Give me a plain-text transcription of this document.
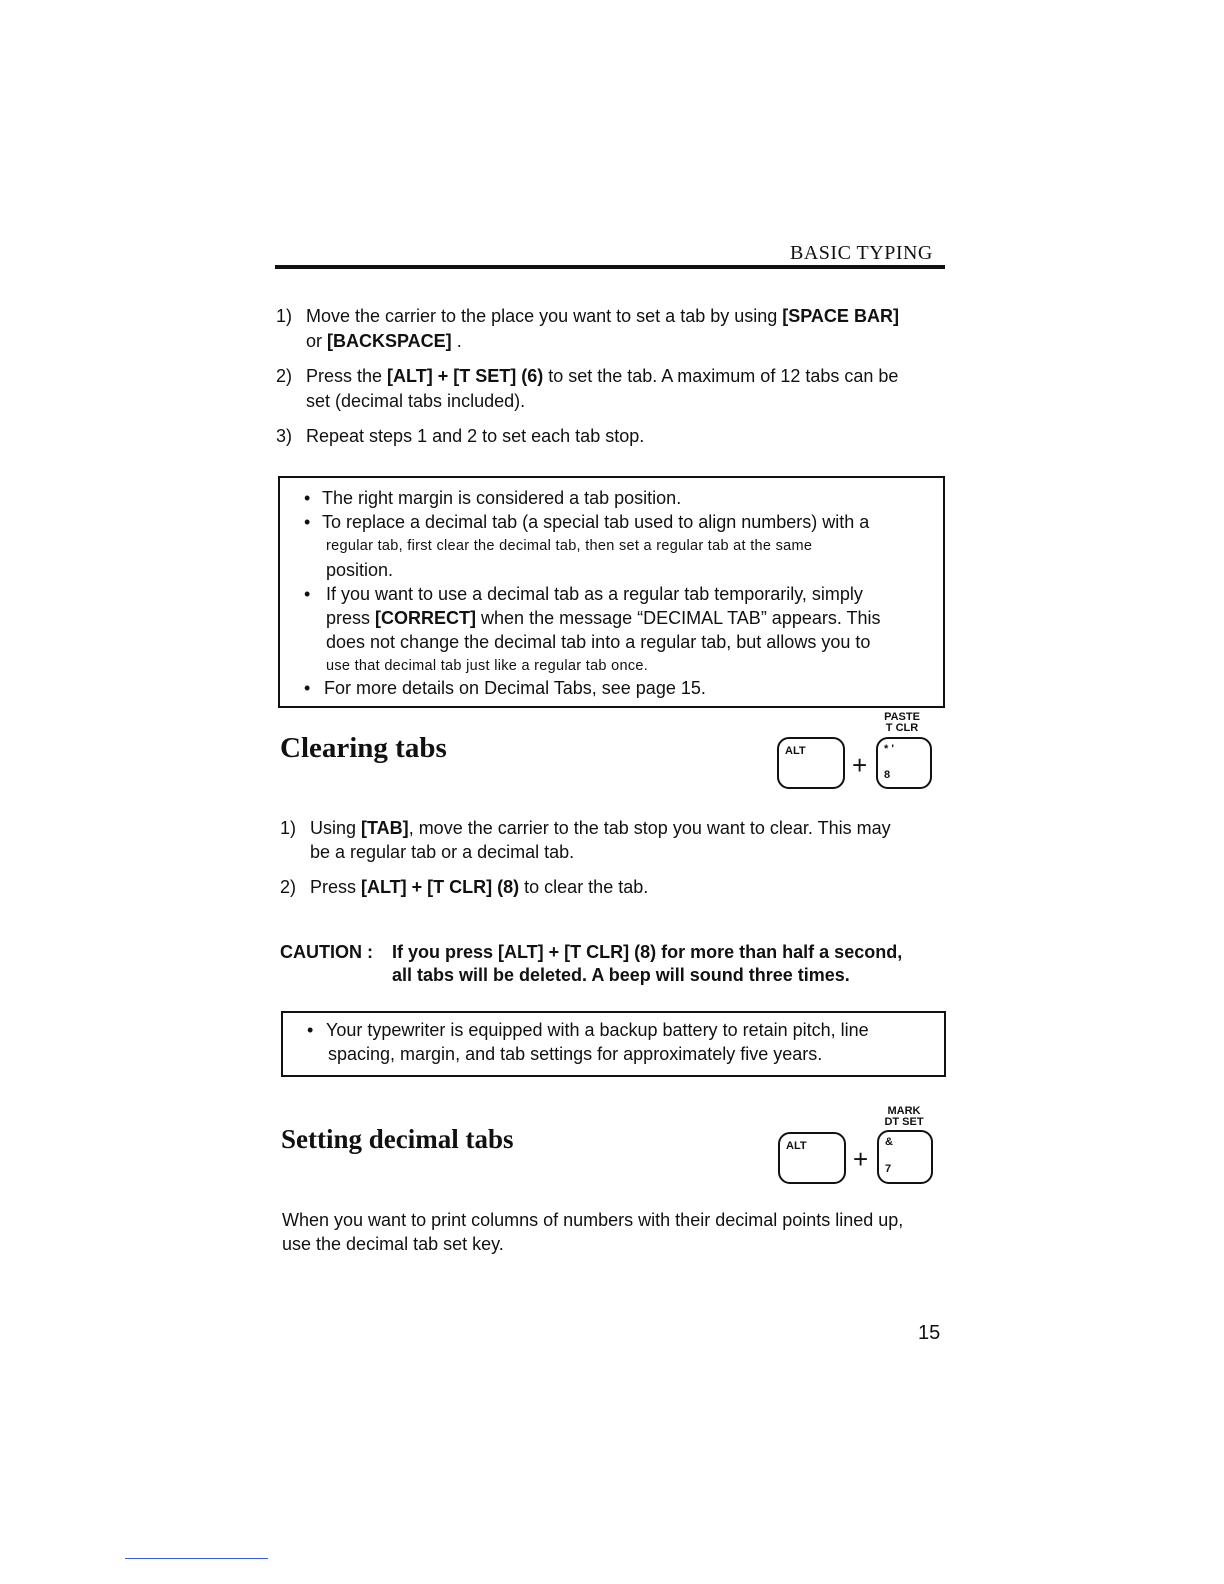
BASIC TYPING
1) Move the carrier to the place you want to set a tab by using [SPACE BAR]
or [BACKSPACE] .
2) Press the [ALT] + [T SET] (6) to set the tab. A maximum of 12 tabs can be
set (decimal tabs included).
3) Repeat steps 1 and 2 to set each tab stop.
• The right margin is considered a tab position.
• To replace a decimal tab (a special tab used to align numbers) with a
regular tab, first clear the decimal tab, then set a regular tab at the same
position.
• If you want to use a decimal tab as a regular tab temporarily, simply
press [CORRECT] when the message “DECIMAL TAB” appears. This
does not change the decimal tab into a regular tab, but allows you to
use that decimal tab just like a regular tab once.
• For more details on Decimal Tabs, see page 15.
Clearing tabs
PASTE
T CLR
ALT +
* '
8
1) Using [TAB], move the carrier to the tab stop you want to clear. This may
be a regular tab or a decimal tab.
2) Press [ALT] + [T CLR] (8) to clear the tab.
CAUTION : If you press [ALT] + [T CLR] (8) for more than half a second,
all tabs will be deleted. A beep will sound three times.
• Your typewriter is equipped with a backup battery to retain pitch, line
spacing, margin, and tab settings for approximately five years.
Setting decimal tabs
MARK
DT SET
ALT +
&
7
When you want to print columns of numbers with their decimal points lined up,
use the decimal tab set key.
15
